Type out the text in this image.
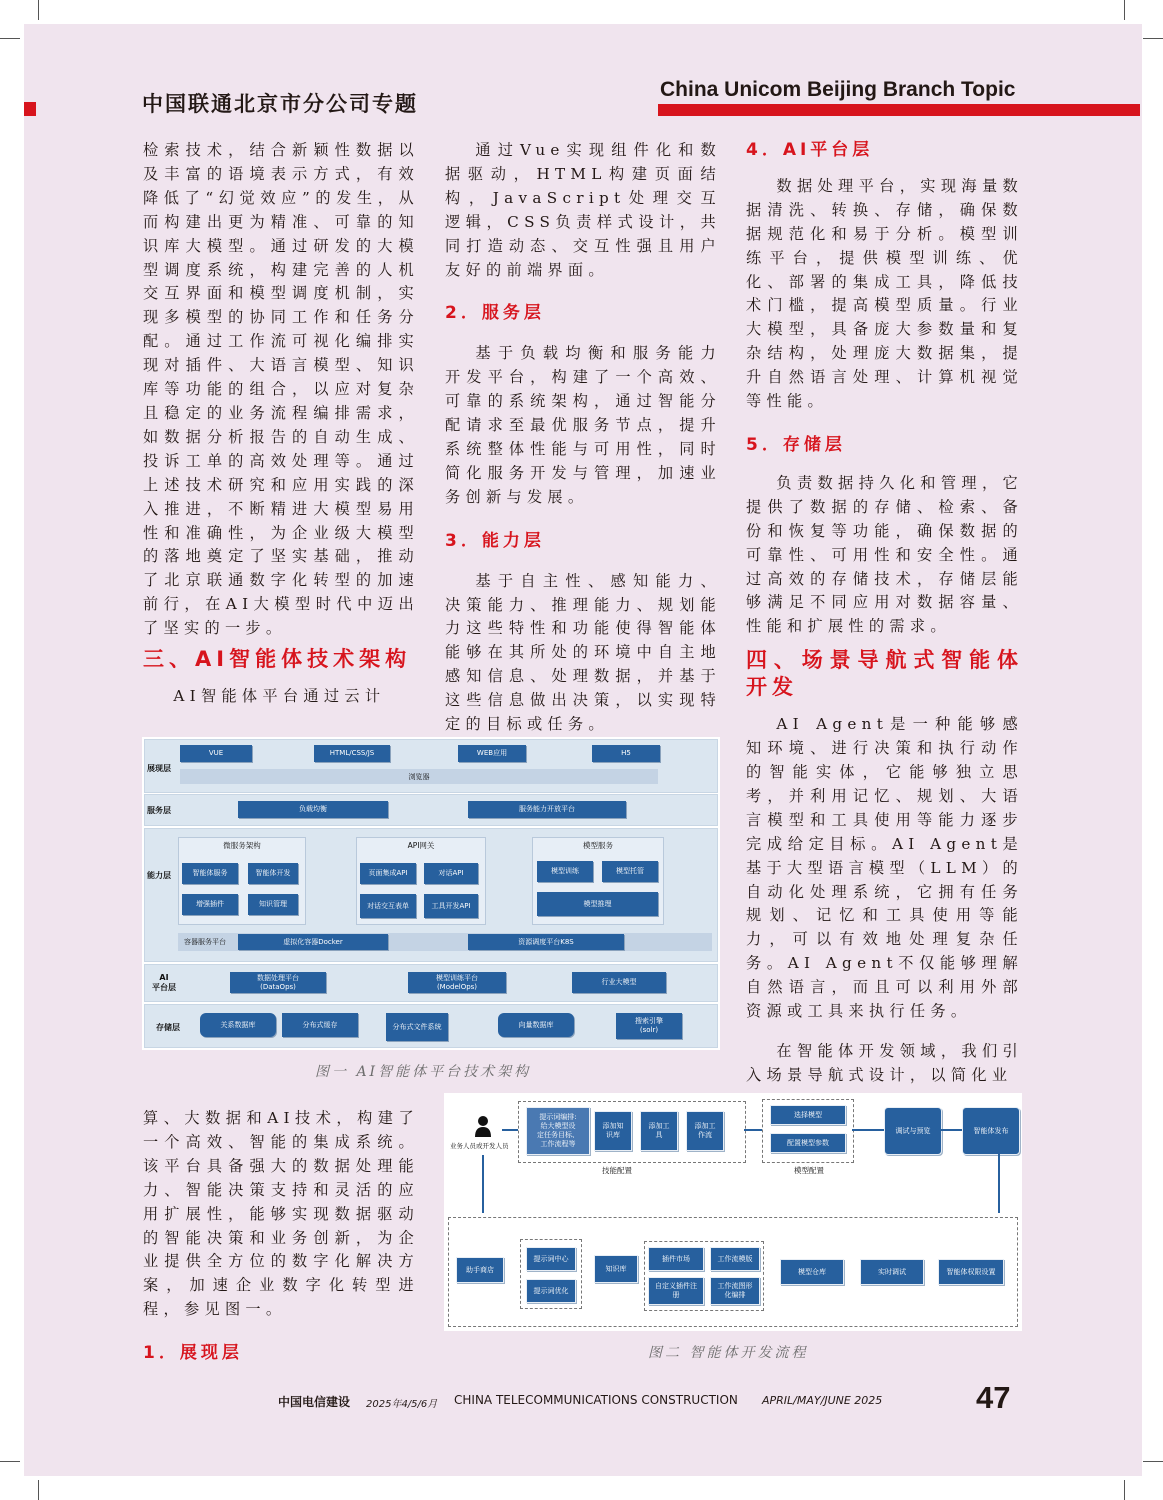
中国联通北京市分公司专题
China Unicom Beijing Branch Topic

检索技术，结合新颖性数据以及丰富的语境表示方式，有效降低了“幻觉效应”的发生，从而构建出更为精准、可靠的知识库大模型。通过研发的大模型调度系统，构建完善的人机交互界面和模型调度机制，实现多模型的协同工作和任务分配。通过工作流可视化编排实现对插件、大语言模型、知识库等功能的组合，以应对复杂且稳定的业务流程编排需求，如数据分析报告的自动生成、投诉工单的高效处理等。通过上述技术研究和应用实践的深入推进，不断精进大模型易用性和准确性，为企业级大模型的落地奠定了坚实基础，推动了北京联通数字化转型的加速前行，在AI大模型时代中迈出了坚实的一步。

三、AI智能体技术架构

AI智能体平台通过云计

算、大数据和AI技术，构建了一个高效、智能的集成系统。该平台具备强大的数据处理能力、智能决策支持和灵活的应用扩展性，能够实现数据驱动的智能决策和业务创新，为企业提供全方位的数字化解决方案，加速企业数字化转型进程，参见图一。

1．展现层

通过Vue实现组件化和数据驱动，HTML构建页面结构，JavaScript处理交互逻辑，CSS负责样式设计，共同打造动态、交互性强且用户友好的前端界面。

2．服务层

基于负载均衡和服务能力开发平台，构建了一个高效、可靠的系统架构，通过智能分配请求至最优服务节点，提升系统整体性能与可用性，同时简化服务开发与管理，加速业务创新与发展。

3．能力层

基于自主性、感知能力、决策能力、推理能力、规划能力这些特性和功能使得智能体能够在其所处的环境中自主地感知信息、处理数据，并基于这些信息做出决策，以实现特定的目标或任务。

4．AI平台层

数据处理平台，实现海量数据清洗、转换、存储，确保数据规范化和易于分析。模型训练平台，提供模型训练、优化、部署的集成工具，降低技术门槛，提高模型质量。行业大模型，具备庞大参数量和复杂结构，处理庞大数据集，提升自然语言处理、计算机视觉等性能。

5．存储层

负责数据持久化和管理，它提供了数据的存储、检索、备份和恢复等功能，确保数据的可靠性、可用性和安全性。通过高效的存储技术，存储层能够满足不同应用对数据容量、性能和扩展性的需求。

四、场景导航式智能体开发

AI Agent是一种能够感知环境、进行决策和执行动作的智能实体，它能够独立思考，并利用记忆、规划、大语言模型和工具使用等能力逐步完成给定目标。AI Agent是基于大型语言模型（LLM）的自动化处理系统，它拥有任务规划、记忆和工具使用等能力，可以有效地处理复杂任务。AI Agent不仅能够理解自然语言，而且可以利用外部资源或工具来执行任务。

在智能体开发领域，我们引入场景导航式设计，以简化业

展现层
VUE	HTML/CSS/JS	WEB应用	H5
浏览器
服务层	负载均衡	服务能力开放平台
能力层
微服务架构
智能体服务	智能体开发
增强插件	知识管理
API网关
页面集成API	对话API
对话交互表单	工具开发API
模型服务
模型训练	模型托管
模型推理
容器服务平台	虚拟化容器Docker	资源调度平台K8S
AI
平台层
数据处理平台
(DataOps)
模型训练平台
(ModelOps)
行业大模型
存储层	关系数据库	分布式缓存	分布式文件系统	向量数据库	搜索引擎
(solr)
图一 AI智能体平台技术架构
业务人员或开发人员
提示词编排:
给大模型设
定任务目标、
工作流程等
添加知
识库
添加工
具
添加工
作流
技能配置
选择模型
配置模型参数
模型配置
调试与预览	智能体发布
助手商店
提示词中心
提示词优化
知识库
插件市场
自定义插件注
册
工作流模版
工作流图形
化编排
模型仓库	实时调试	智能体权限设置
图二 智能体开发流程
中国电信建设 2025年4/5/6月 CHINA TELECOMMUNICATIONS CONSTRUCTION APRIL/MAY/JUNE 2025	47
